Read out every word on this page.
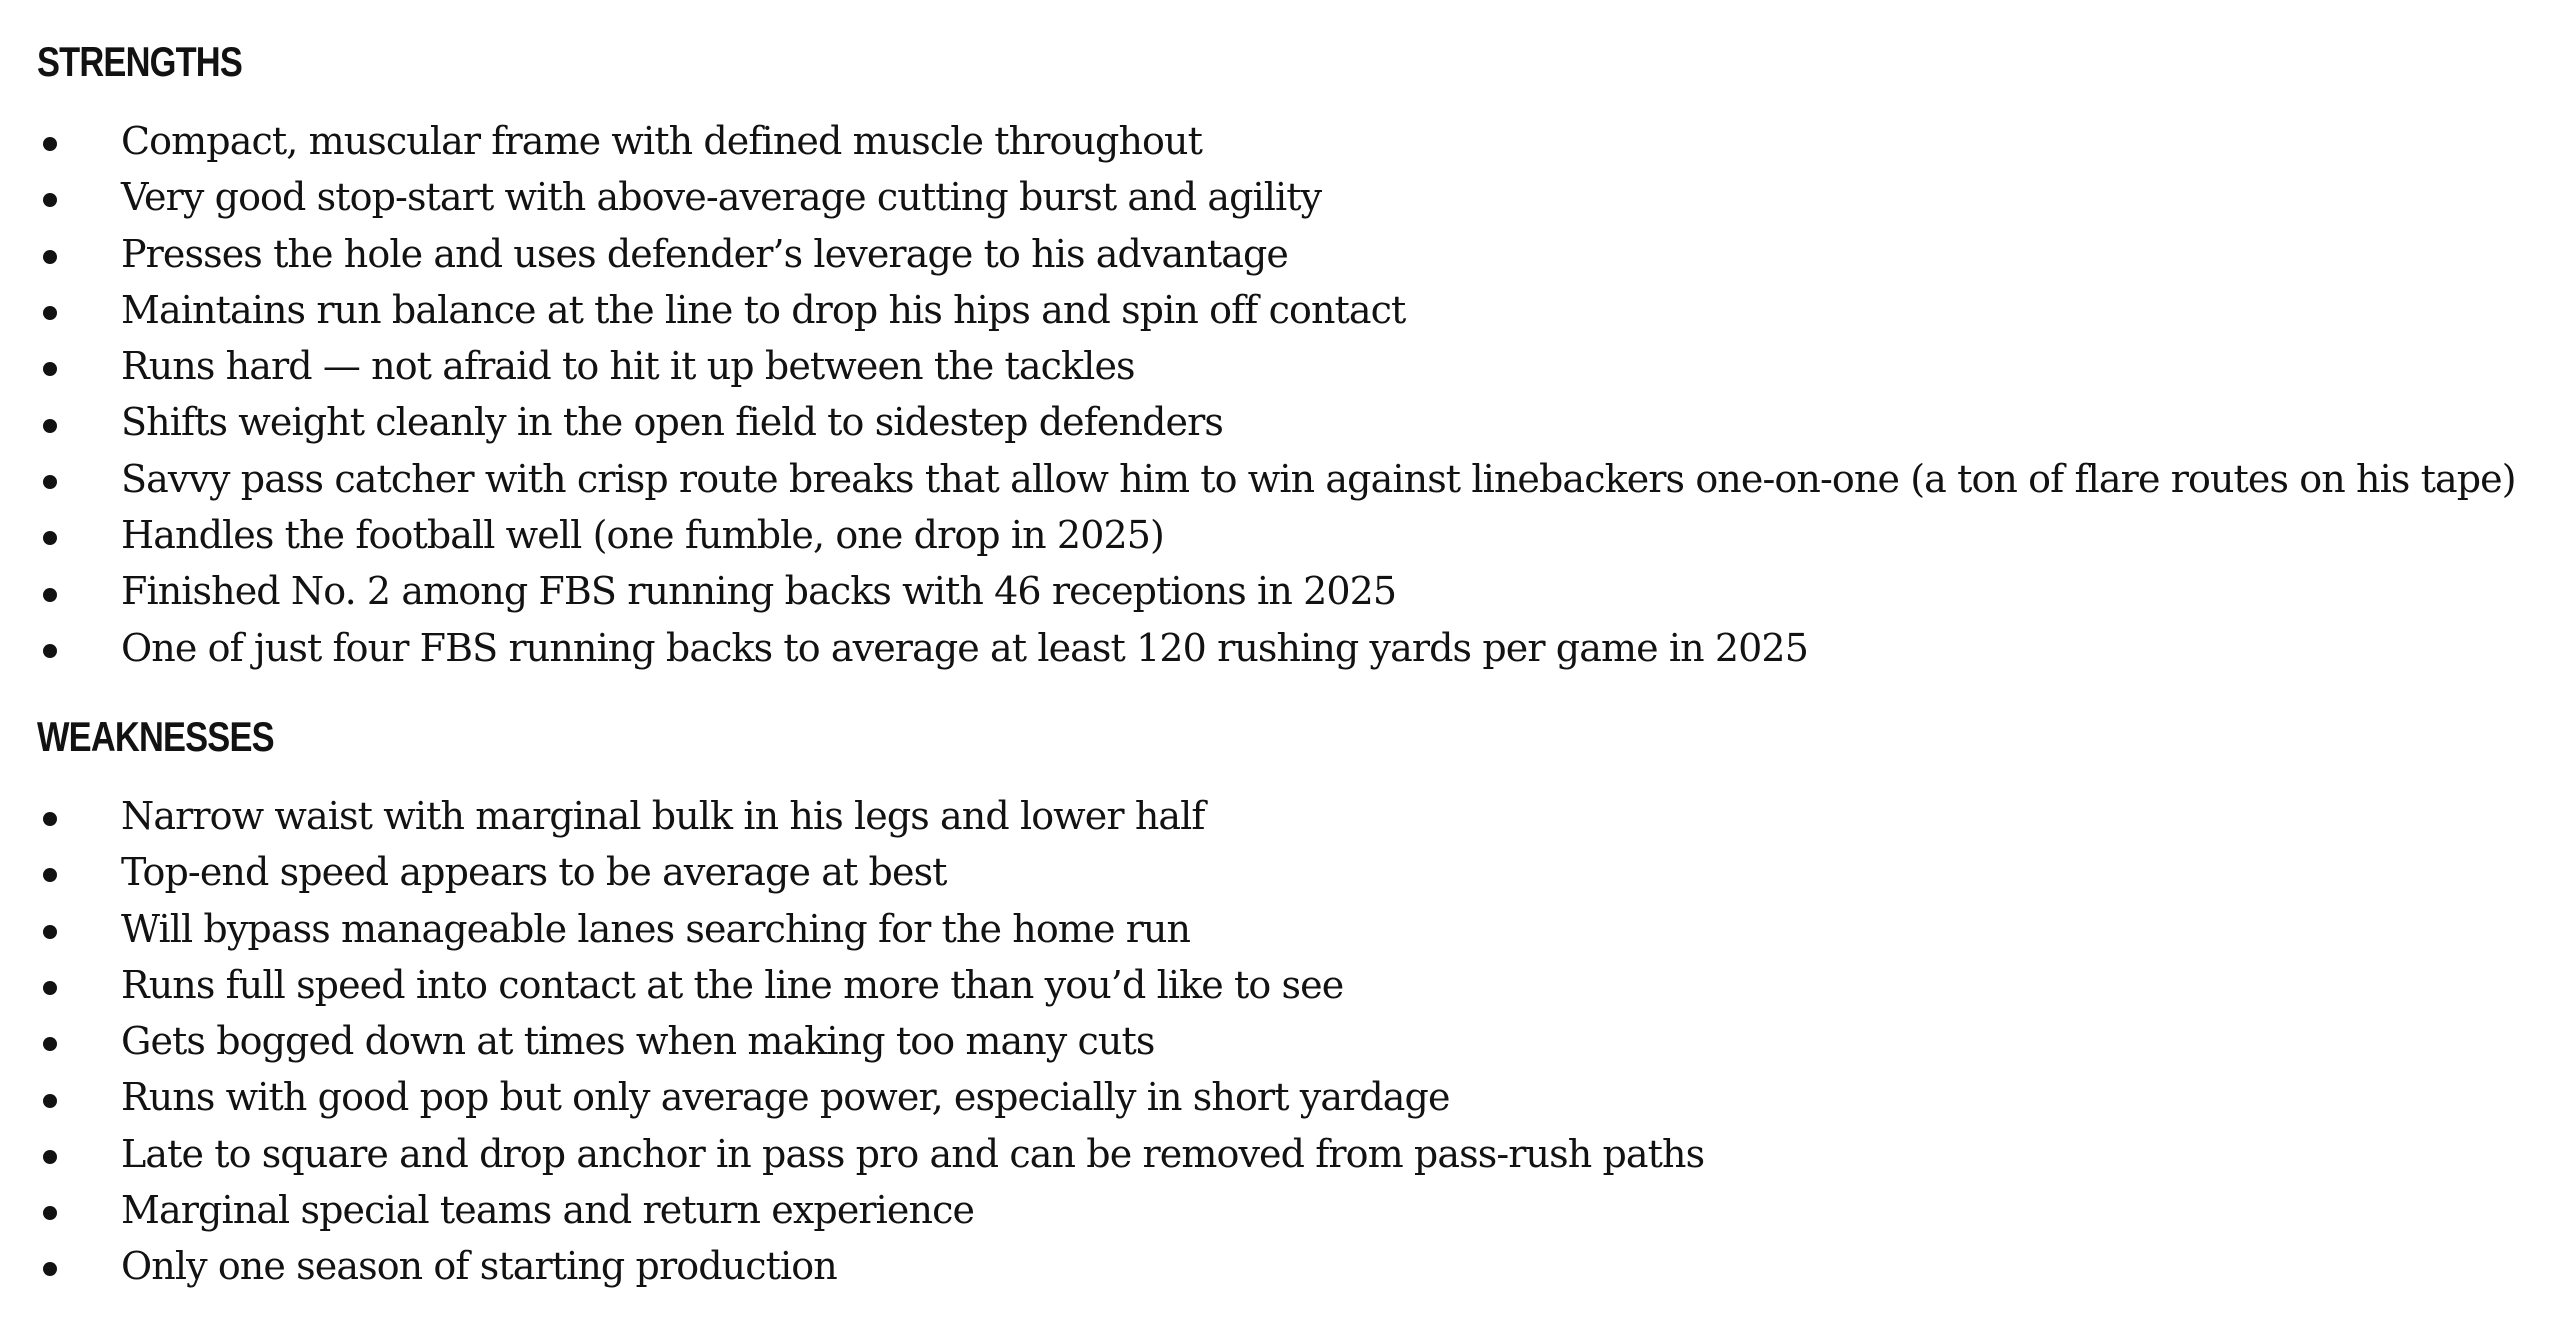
STRENGTHS
Compact, muscular frame with defined muscle throughout
Very good stop-start with above-average cutting burst and agility
Presses the hole and uses defender’s leverage to his advantage
Maintains run balance at the line to drop his hips and spin off contact
Runs hard — not afraid to hit it up between the tackles
Shifts weight cleanly in the open field to sidestep defenders
Savvy pass catcher with crisp route breaks that allow him to win against linebackers one-on-one (a ton of flare routes on his tape)
Handles the football well (one fumble, one drop in 2025)
Finished No. 2 among FBS running backs with 46 receptions in 2025
One of just four FBS running backs to average at least 120 rushing yards per game in 2025
WEAKNESSES
Narrow waist with marginal bulk in his legs and lower half
Top-end speed appears to be average at best
Will bypass manageable lanes searching for the home run
Runs full speed into contact at the line more than you’d like to see
Gets bogged down at times when making too many cuts
Runs with good pop but only average power, especially in short yardage
Late to square and drop anchor in pass pro and can be removed from pass-rush paths
Marginal special teams and return experience
Only one season of starting production
